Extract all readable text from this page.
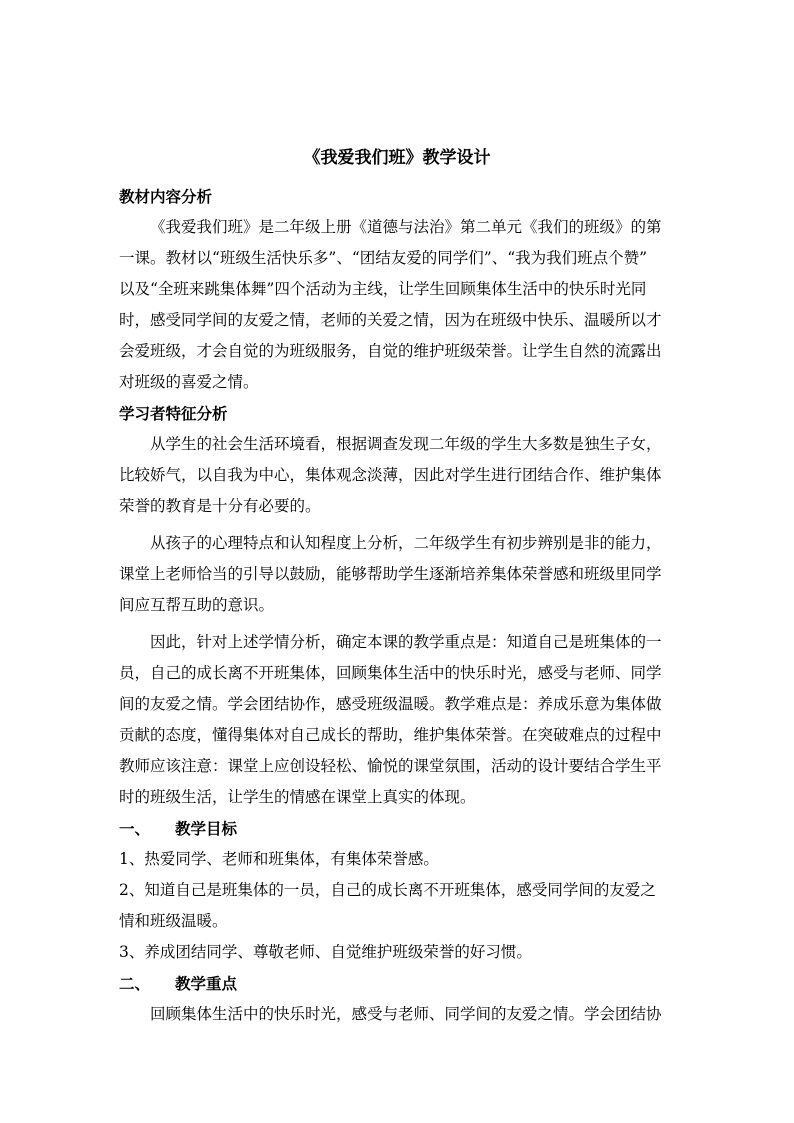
《我爱我们班》教学设计
教材内容分析
《我爱我们班》是二年级上册《道德与法治》第二单元《我们的班级》的第
一课。教材以“班级生活快乐多”、“团结友爱的同学们”、“我为我们班点个赞”
以及“全班来跳集体舞”四个活动为主线，让学生回顾集体生活中的快乐时光同
时，感受同学间的友爱之情，老师的关爱之情，因为在班级中快乐、温暖所以才
会爱班级，才会自觉的为班级服务，自觉的维护班级荣誉。让学生自然的流露出
对班级的喜爱之情。
学习者特征分析
从学生的社会生活环境看，根据调查发现二年级的学生大多数是独生子女，
比较娇气，以自我为中心，集体观念淡薄，因此对学生进行团结合作、维护集体
荣誉的教育是十分有必要的。
从孩子的心理特点和认知程度上分析，二年级学生有初步辨别是非的能力，
课堂上老师恰当的引导以鼓励，能够帮助学生逐渐培养集体荣誉感和班级里同学
间应互帮互助的意识。
因此，针对上述学情分析，确定本课的教学重点是：知道自己是班集体的一
员，自己的成长离不开班集体，回顾集体生活中的快乐时光，感受与老师、同学
间的友爱之情。学会团结协作，感受班级温暖。教学难点是：养成乐意为集体做
贡献的态度，懂得集体对自己成长的帮助，维护集体荣誉。在突破难点的过程中
教师应该注意：课堂上应创设轻松、愉悦的课堂氛围，活动的设计要结合学生平
时的班级生活，让学生的情感在课堂上真实的体现。
一、 教学目标
1、热爱同学、老师和班集体，有集体荣誉感。
2、知道自己是班集体的一员，自己的成长离不开班集体，感受同学间的友爱之
情和班级温暖。
3、养成团结同学、尊敬老师、自觉维护班级荣誉的好习惯。
二、 教学重点
回顾集体生活中的快乐时光，感受与老师、同学间的友爱之情。学会团结协
